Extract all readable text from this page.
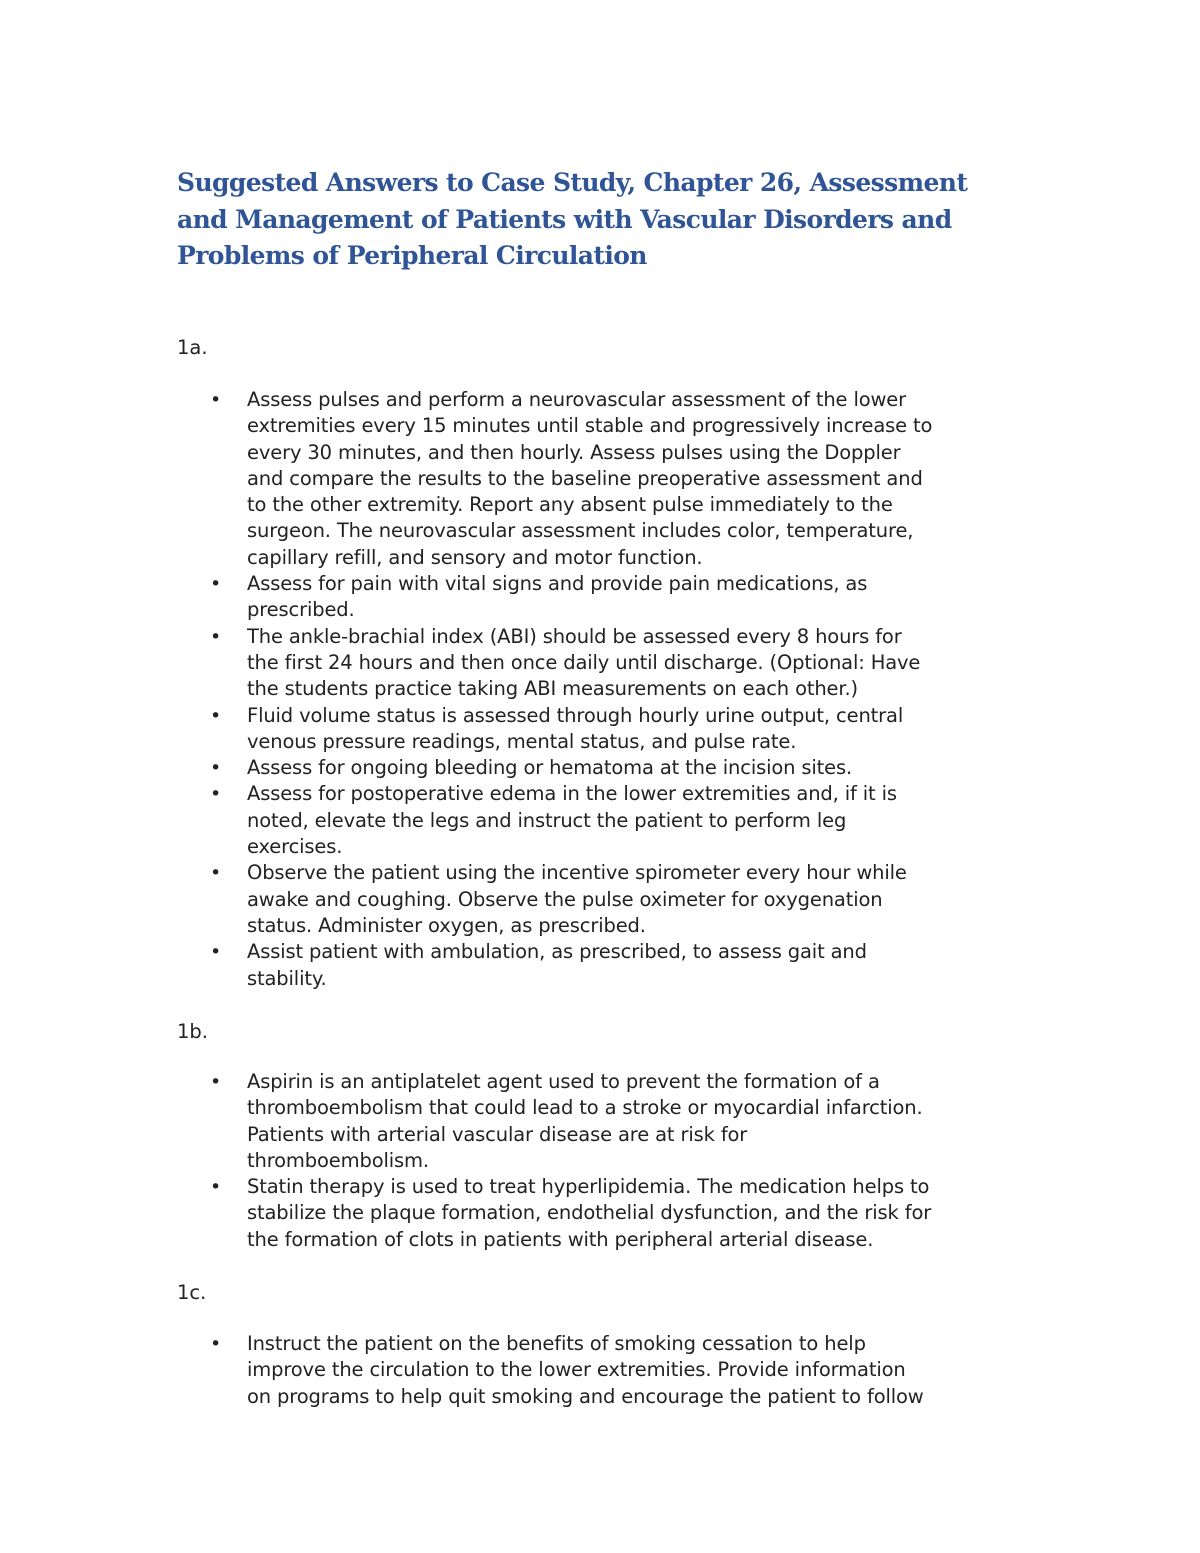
Suggested Answers to Case Study, Chapter 26, Assessment
and Management of Patients with Vascular Disorders and
Problems of Peripheral Circulation

1a.

• Assess pulses and perform a neurovascular assessment of the lower
extremities every 15 minutes until stable and progressively increase to
every 30 minutes, and then hourly. Assess pulses using the Doppler
and compare the results to the baseline preoperative assessment and
to the other extremity. Report any absent pulse immediately to the
surgeon. The neurovascular assessment includes color, temperature,
capillary refill, and sensory and motor function.
• Assess for pain with vital signs and provide pain medications, as
prescribed.
• The ankle-brachial index (ABI) should be assessed every 8 hours for
the first 24 hours and then once daily until discharge. (Optional: Have
the students practice taking ABI measurements on each other.)
• Fluid volume status is assessed through hourly urine output, central
venous pressure readings, mental status, and pulse rate.
• Assess for ongoing bleeding or hematoma at the incision sites.
• Assess for postoperative edema in the lower extremities and, if it is
noted, elevate the legs and instruct the patient to perform leg
exercises.
• Observe the patient using the incentive spirometer every hour while
awake and coughing. Observe the pulse oximeter for oxygenation
status. Administer oxygen, as prescribed.
• Assist patient with ambulation, as prescribed, to assess gait and
stability.

1b.

• Aspirin is an antiplatelet agent used to prevent the formation of a
thromboembolism that could lead to a stroke or myocardial infarction.
Patients with arterial vascular disease are at risk for
thromboembolism.
• Statin therapy is used to treat hyperlipidemia. The medication helps to
stabilize the plaque formation, endothelial dysfunction, and the risk for
the formation of clots in patients with peripheral arterial disease.

1c.

• Instruct the patient on the benefits of smoking cessation to help
improve the circulation to the lower extremities. Provide information
on programs to help quit smoking and encourage the patient to follow
